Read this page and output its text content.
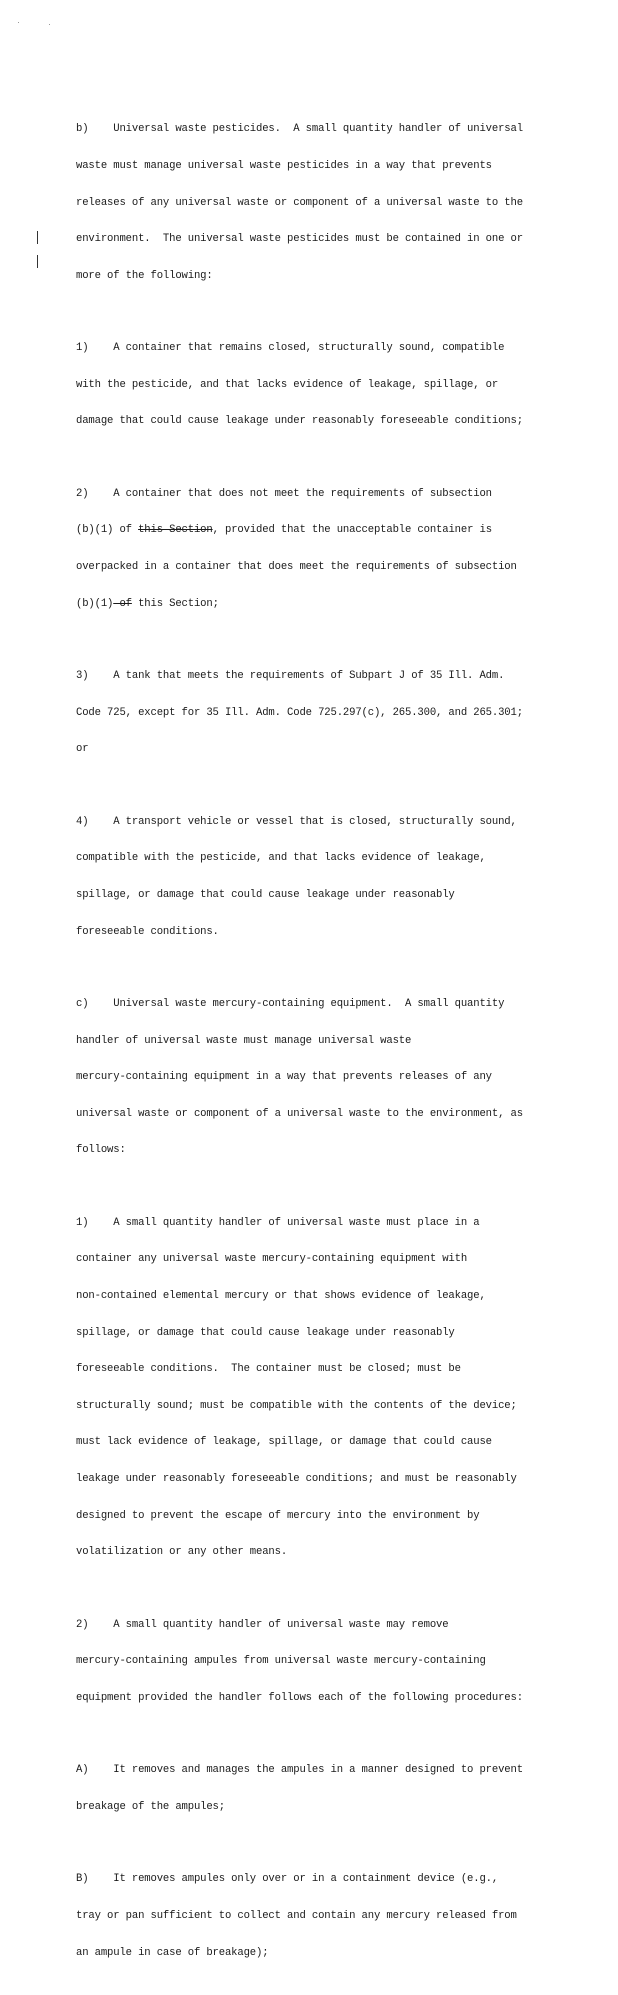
b)    Universal waste pesticides.  A small quantity handler of universal

waste must manage universal waste pesticides in a way that prevents

releases of any universal waste or component of a universal waste to the

environment.  The universal waste pesticides must be contained in one or

more of the following:

1)    A container that remains closed, structurally sound, compatible

with the pesticide, and that lacks evidence of leakage, spillage, or

damage that could cause leakage under reasonably foreseeable conditions;

2)    A container that does not meet the requirements of subsection

(b)(1) of this Section, provided that the unacceptable container is

overpacked in a container that does meet the requirements of subsection

(b)(1) of this Section;

3)    A tank that meets the requirements of Subpart J of 35 Ill. Adm.

Code 725, except for 35 Ill. Adm. Code 725.297(c), 265.300, and 265.301;

or

4)    A transport vehicle or vessel that is closed, structurally sound,

compatible with the pesticide, and that lacks evidence of leakage,

spillage, or damage that could cause leakage under reasonably

foreseeable conditions.

c)    Universal waste mercury-containing equipment.  A small quantity

handler of universal waste must manage universal waste

mercury-containing equipment in a way that prevents releases of any

universal waste or component of a universal waste to the environment, as

follows:

1)    A small quantity handler of universal waste must place in a

container any universal waste mercury-containing equipment with

non-contained elemental mercury or that shows evidence of leakage,

spillage, or damage that could cause leakage under reasonably

foreseeable conditions.  The container must be closed; must be

structurally sound; must be compatible with the contents of the device;

must lack evidence of leakage, spillage, or damage that could cause

leakage under reasonably foreseeable conditions; and must be reasonably

designed to prevent the escape of mercury into the environment by

volatilization or any other means.

2)    A small quantity handler of universal waste may remove

mercury-containing ampules from universal waste mercury-containing

equipment provided the handler follows each of the following procedures:

A)    It removes and manages the ampules in a manner designed to prevent

breakage of the ampules;

B)    It removes ampules only over or in a containment device (e.g.,

tray or pan sufficient to collect and contain any mercury released from

an ampule in case of breakage);
